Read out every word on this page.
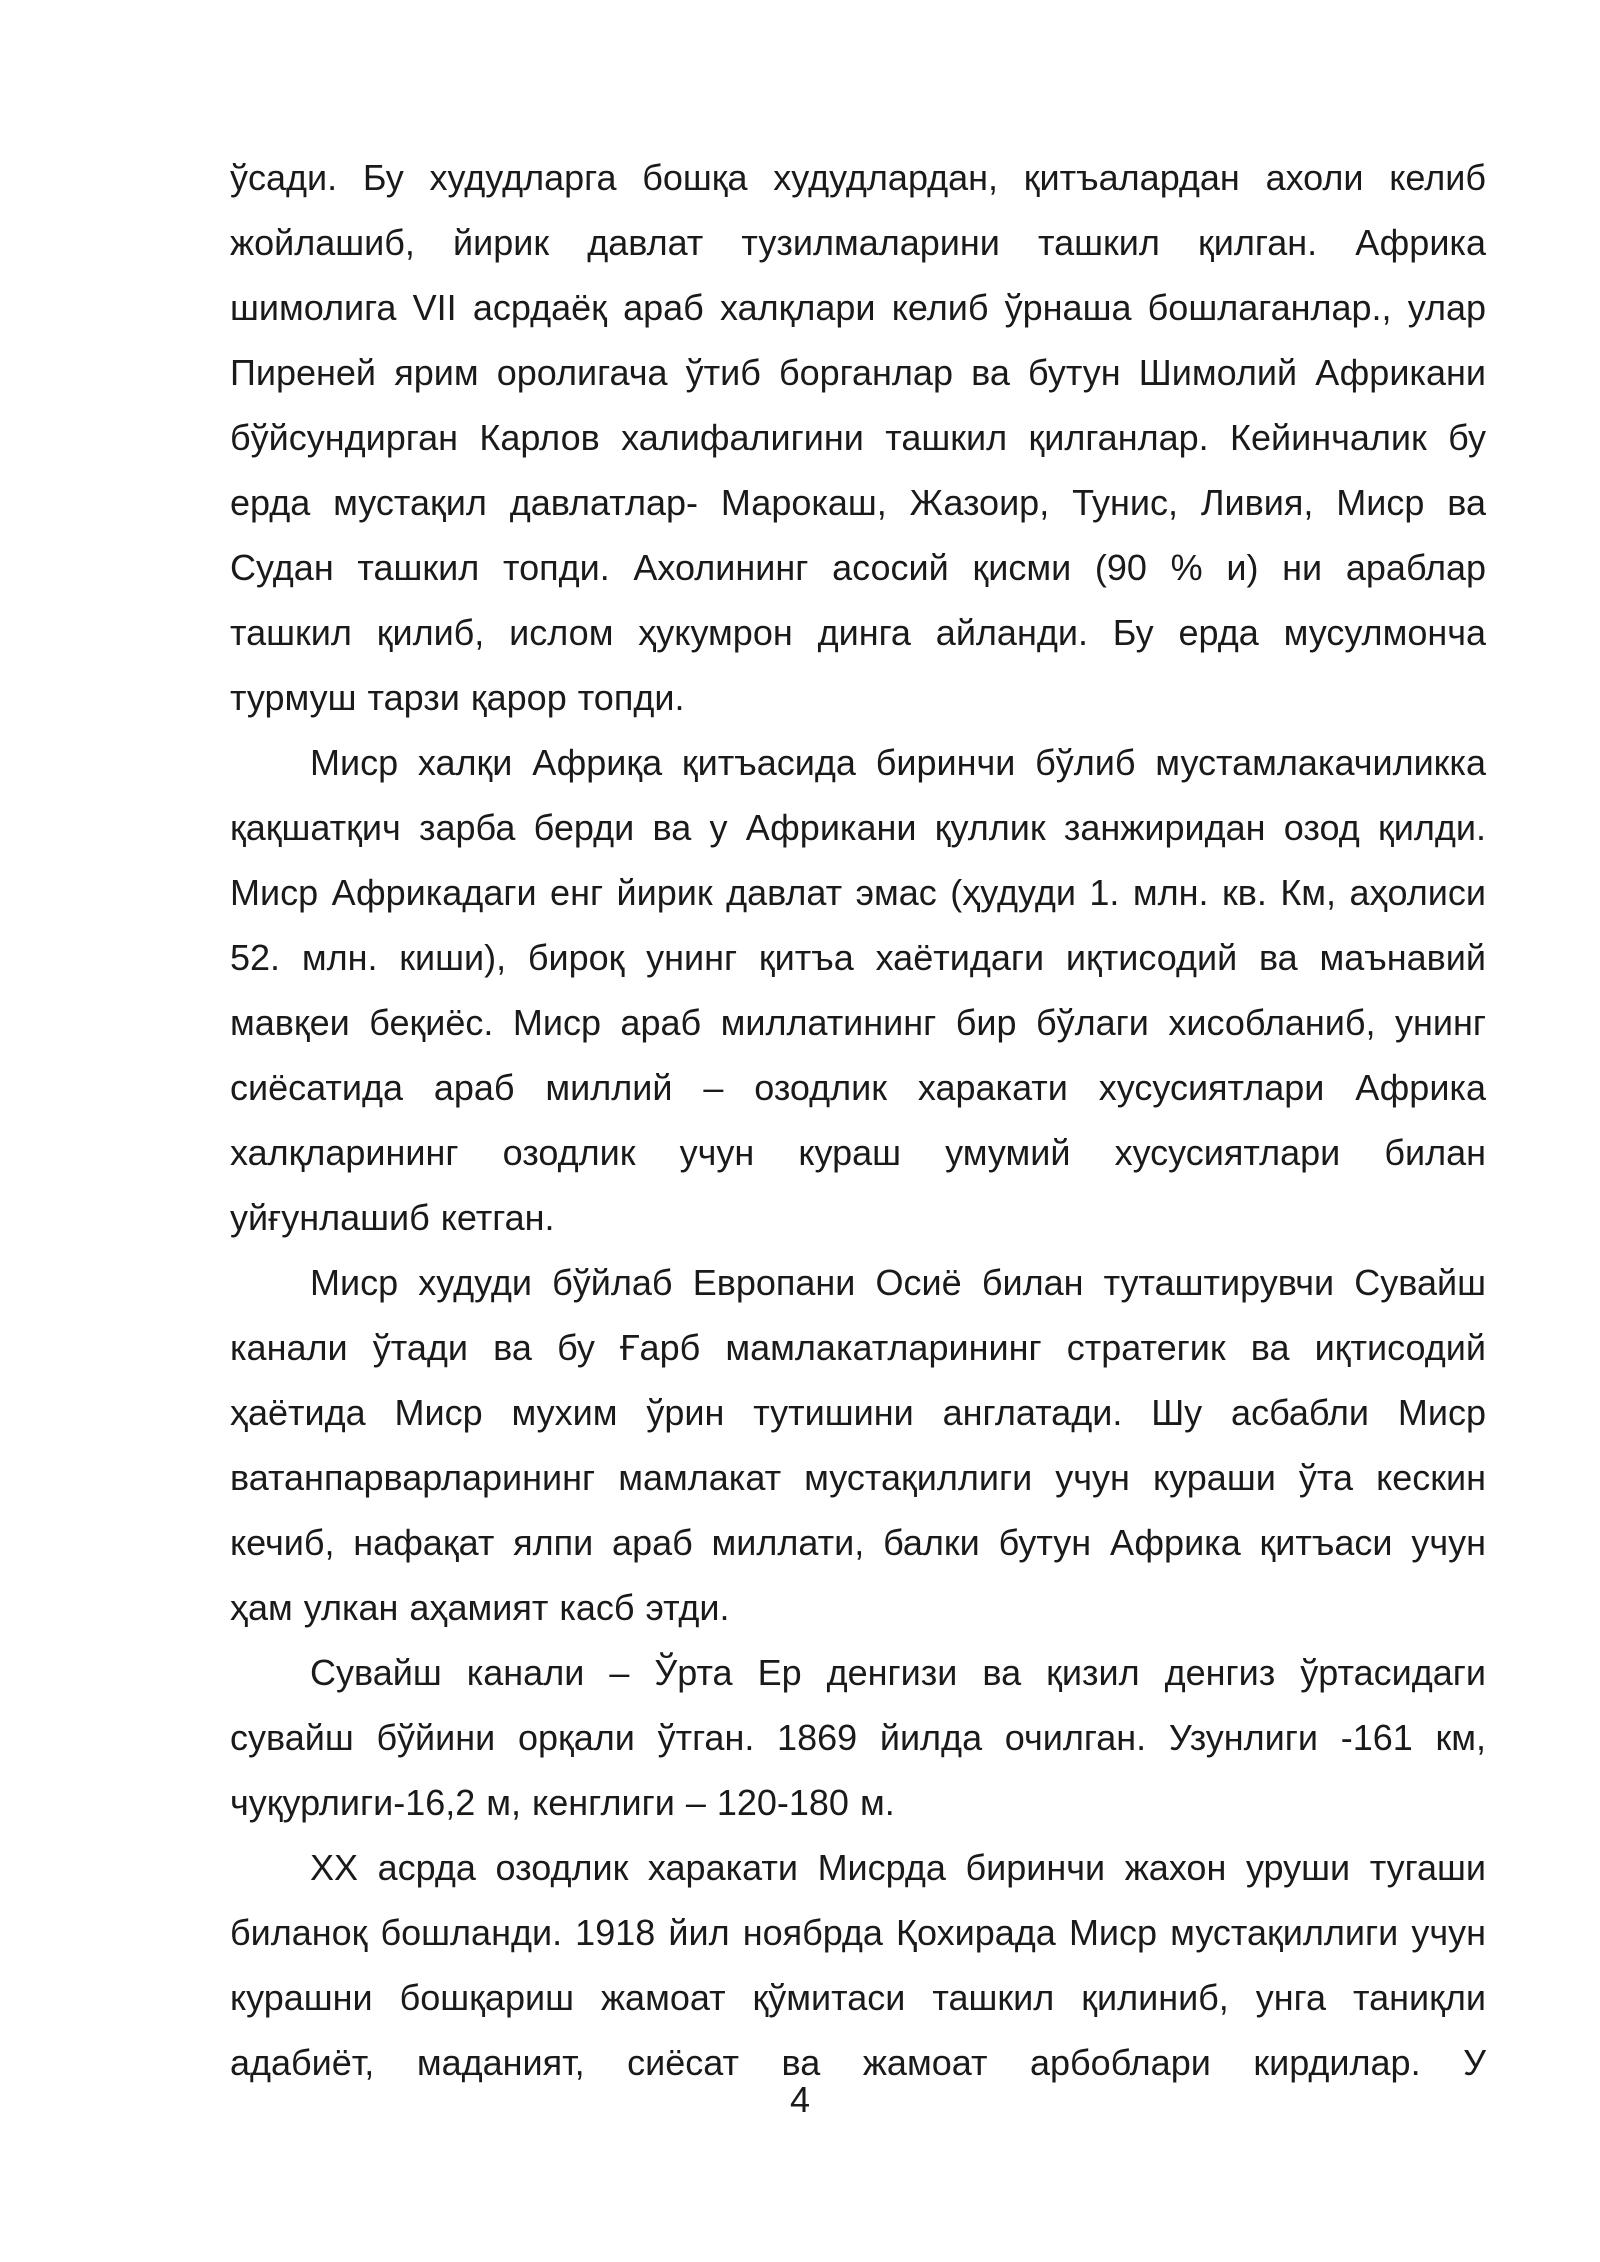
ўсади. Бу худудларга бошқа худудлардан, қитъалардан ахоли келиб жойлашиб, йирик давлат тузилмаларини ташкил қилган. Африка шимолига VII асрдаёқ араб халқлари келиб ўрнаша бошлаганлар., улар Пиреней ярим оролигача ўтиб борганлар ва бутун Шимолий Африкани бўйсундирган Карлов халифалигини ташкил қилганлар. Кейинчалик бу ерда мустақил давлатлар- Марокаш, Жазоир, Тунис, Ливия, Миср ва Судан ташкил топди. Ахолининг асосий қисми (90 % и) ни араблар ташкил қилиб, ислом ҳукумрон динга айланди. Бу ерда мусулмонча турмуш тарзи қарор топди.

Миср халқи Африқа қитъасида биринчи бўлиб мустамлакачиликка қақшатқич зарба берди ва у Африкани қуллик занжиридан озод қилди. Миср Африкадаги енг йирик давлат эмас (ҳудуди 1. млн. кв. Км, аҳолиси 52. млн. киши), бироқ унинг қитъа хаётидаги иқтисодий ва маънавий мавқеи беқиёс. Миср араб миллатининг бир бўлаги хисобланиб, унинг сиёсатида араб миллий – озодлик харакати хусусиятлари Африка халқларининг озодлик учун кураш умумий хусусиятлари билан уйғунлашиб кетган.

Миср худуди бўйлаб Европани Осиё билан туташтирувчи Сувайш канали ўтади ва бу Ғарб мамлакатларининг стратегик ва иқтисодий ҳаётида Миср мухим ўрин тутишини англатади. Шу асбабли Миср ватанпарварларининг мамлакат мустақиллиги учун кураши ўта кескин кечиб, нафақат ялпи араб миллати, балки бутун Африка қитъаси учун ҳам улкан аҳамият касб этди.

Сувайш канали – Ўрта Ер денгизи ва қизил денгиз ўртасидаги сувайш бўйини орқали ўтган. 1869 йилда очилган. Узунлиги -161 км, чуқурлиги-16,2 м, кенглиги – 120-180 м.

XX асрда озодлик харакати Мисрда биринчи жахон уруши тугаши биланоқ бошланди. 1918 йил ноябрда Қохирада Миср мустақиллиги учун курашни бошқариш жамоат қўмитаси ташкил қилиниб, унга таниқли адабиёт, маданият, сиёсат ва жамоат арбоблари кирдилар. У

4
